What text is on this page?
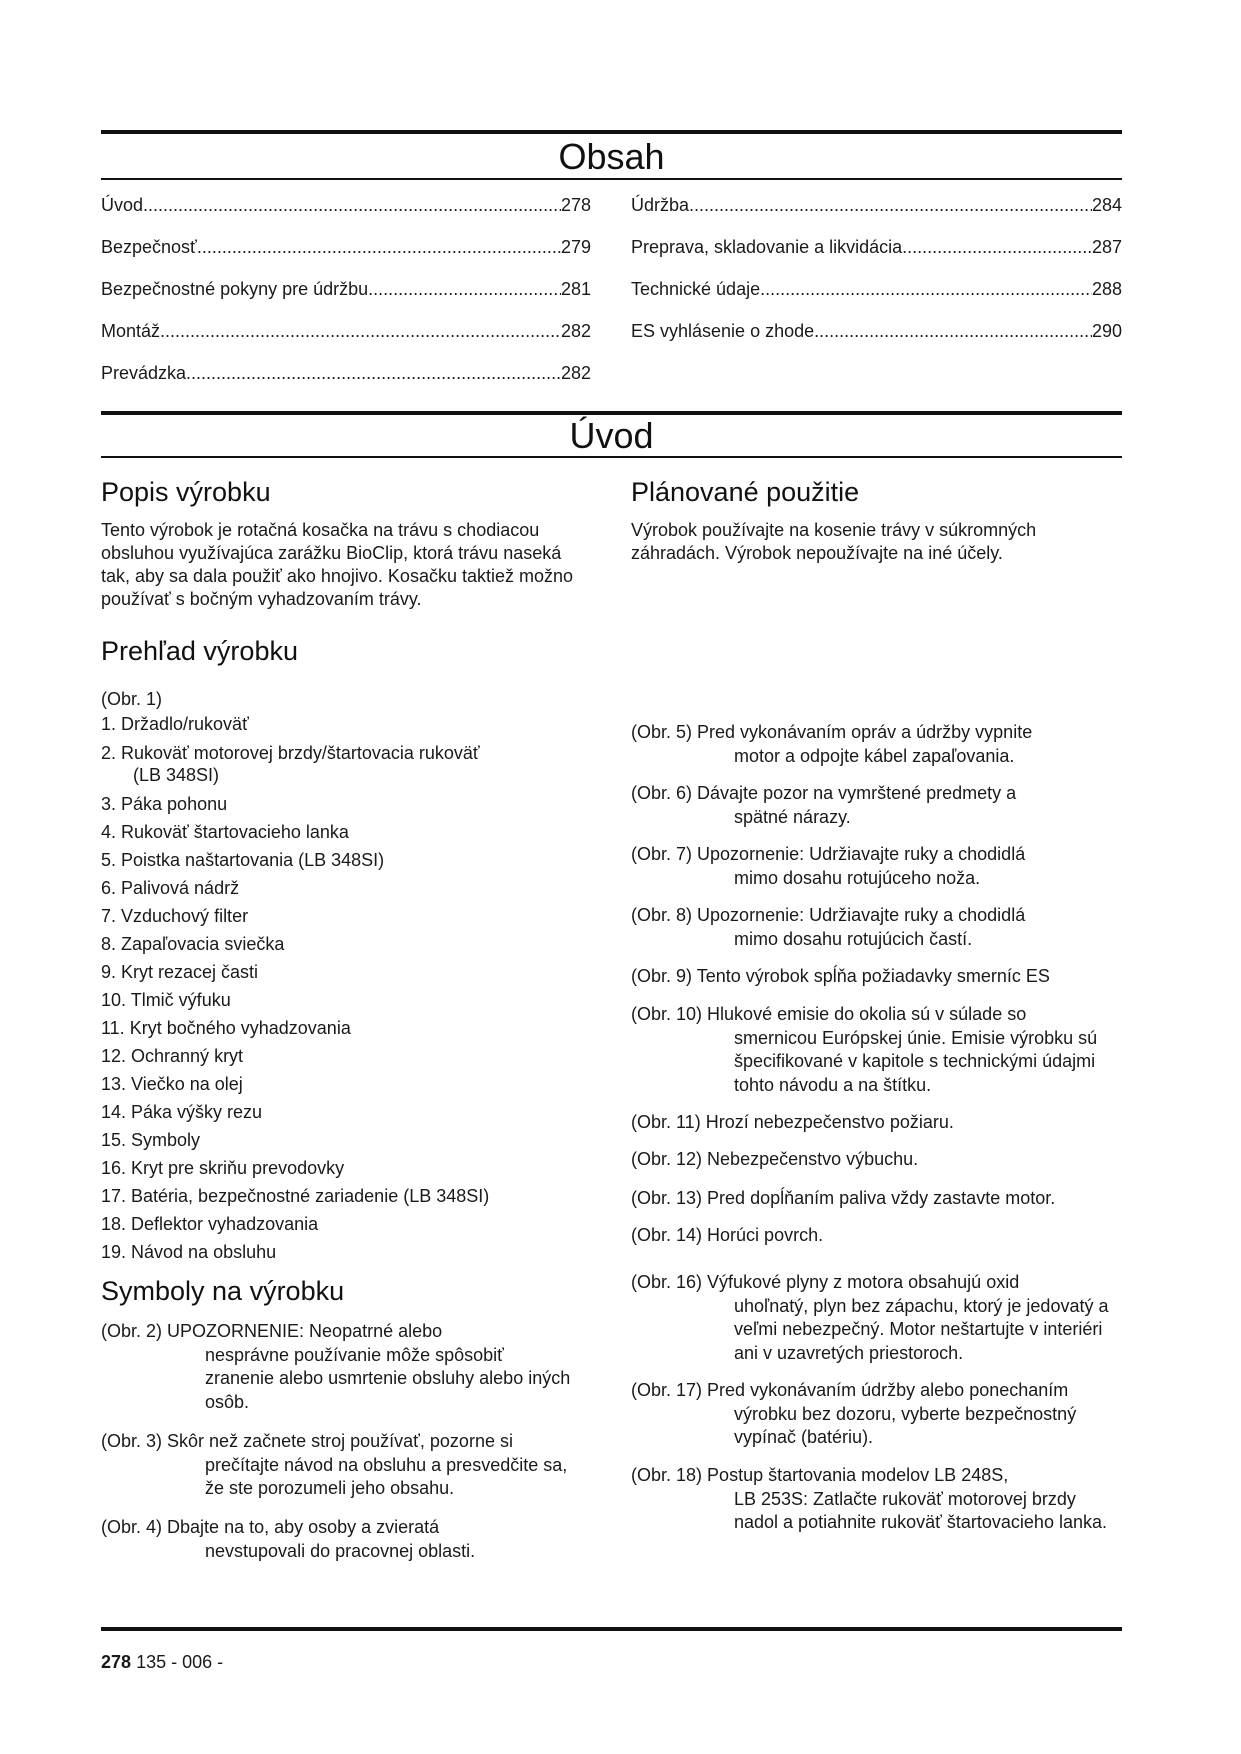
Obsah
Úvod .....	278
Bezpečnosť .....	279
Bezpečnostné pokyny pre údržbu .....	281
Montáž .....	282
Prevádzka .....	282
Údržba .....	284
Preprava, skladovanie a likvidácia .....	287
Technické údaje .....	288
ES vyhlásenie o zhode .....	290
Úvod
Popis výrobku

Tento výrobok je rotačná kosačka na trávu s chodiacou obsluhou využívajúca zarážku BioClip, ktorá trávu naseká tak, aby sa dala použiť ako hnojivo. Kosačku taktiež možno používať s bočným vyhadzovaním trávy.

Prehľad výrobku

(Obr. 1)

1. Držadlo/rukoväť
2. Rukoväť motorovej brzdy/štartovacia rukoväť
(LB 348SI)
3. Páka pohonu
4. Rukoväť štartovacieho lanka
5. Poistka naštartovania (LB 348SI)
6. Palivová nádrž
7. Vzduchový filter
8. Zapaľovacia sviečka
9. Kryt rezacej časti
10. Tlmič výfuku
11. Kryt bočného vyhadzovania
12. Ochranný kryt
13. Viečko na olej
14. Páka výšky rezu
15. Symboly
16. Kryt pre skriňu prevodovky
17. Batéria, bezpečnostné zariadenie (LB 348SI)
18. Deflektor vyhadzovania
19. Návod na obsluhu
Symboly na výrobku
(Obr. 2) UPOZORNENIE: Neopatrné alebo
nesprávne používanie môže spôsobiť zranenie alebo usmrtenie obsluhy alebo iných osôb.
(Obr. 3) Skôr než začnete stroj používať, pozorne si
prečítajte návod na obsluhu a presvedčite sa, že ste porozumeli jeho obsahu.
(Obr. 4) Dbajte na to, aby osoby a zvieratá
nevstupovali do pracovnej oblasti.
Plánované použitie

Výrobok používajte na kosenie trávy v súkromných záhradách. Výrobok nepoužívajte na iné účely.

(Obr. 5) Pred vykonávaním opráv a údržby vypnite
motor a odpojte kábel zapaľovania.
(Obr. 6) Dávajte pozor na vymrštené predmety a
spätné nárazy.
(Obr. 7) Upozornenie: Udržiavajte ruky a chodidlá
mimo dosahu rotujúceho noža.
(Obr. 8) Upozornenie: Udržiavajte ruky a chodidlá
mimo dosahu rotujúcich častí.
(Obr. 9) Tento výrobok spĺňa požiadavky smerníc ES
(Obr. 10) Hlukové emisie do okolia sú v súlade so
smernicou Európskej únie. Emisie výrobku sú špecifikované v kapitole s technickými údajmi tohto návodu a na štítku.
(Obr. 11) Hrozí nebezpečenstvo požiaru.
(Obr. 12) Nebezpečenstvo výbuchu.
(Obr. 13) Pred dopĺňaním paliva vždy zastavte motor.
(Obr. 14) Horúci povrch.
(Obr. 16) Výfukové plyny z motora obsahujú oxid
uhoľnatý, plyn bez zápachu, ktorý je jedovatý a veľmi nebezpečný. Motor neštartujte v interiéri ani v uzavretých priestoroch.
(Obr. 17) Pred vykonávaním údržby alebo ponechaním výrobku bez dozoru, vyberte bezpečnostný vypínač (batériu).
(Obr. 18) Postup štartovania modelov LB 248S,
LB 253S: Zatlačte rukoväť motorovej brzdy nadol a potiahnite rukoväť štartovacieho lanka.
278 135 - 006 -
